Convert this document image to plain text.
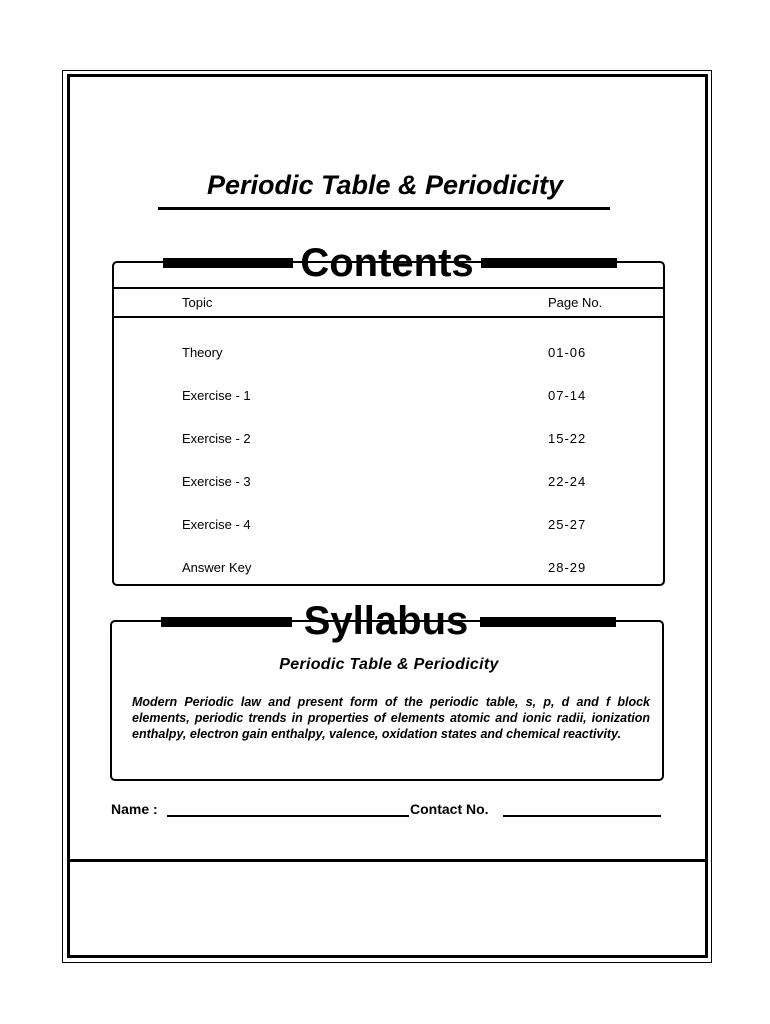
Periodic Table & Periodicity
Contents
Topic	Page No.
Theory	01-06
Exercise - 1	07-14
Exercise - 2	15-22
Exercise - 3	22-24
Exercise - 4	25-27
Answer Key	28-29
Syllabus
Periodic Table & Periodicity
Modern Periodic law and present form of the periodic table, s, p, d and f block elements, periodic trends in properties of elements atomic and ionic radii, ionization enthalpy, electron gain enthalpy, valence, oxidation states and chemical reactivity.
Name :	Contact No.
